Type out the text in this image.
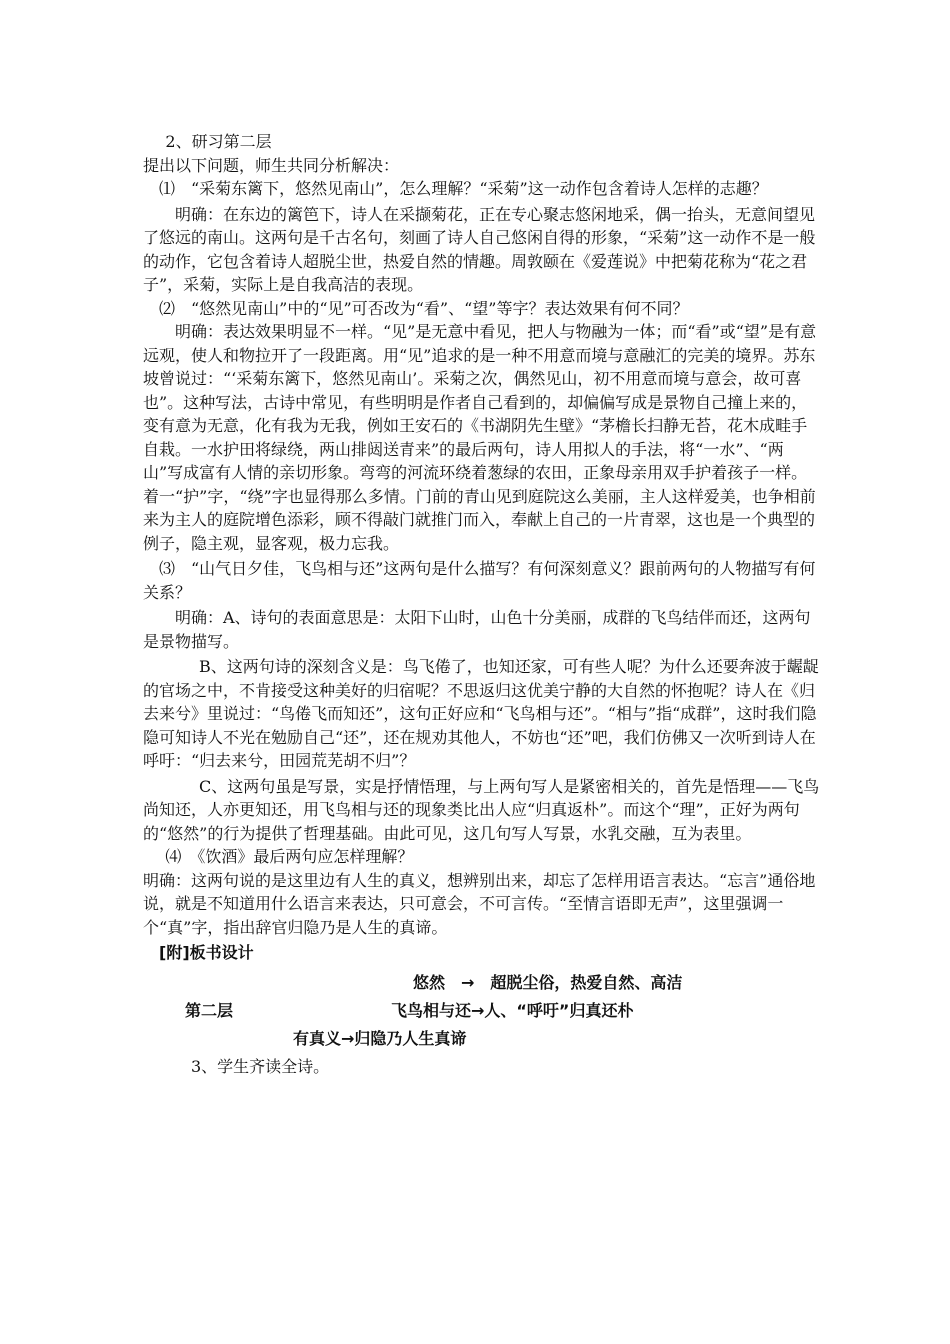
2、研习第二层

提出以下问题，师生共同分析解决：

⑴　“采菊东篱下，悠然见南山”，怎么理解？“采菊”这一动作包含着诗人怎样的志趣？

明确：在东边的篱笆下，诗人在采撷菊花，正在专心聚志悠闲地采，偶一抬头，无意间望见了悠远的南山。这两句是千古名句，刻画了诗人自己悠闲自得的形象，“采菊”这一动作不是一般的动作，它包含着诗人超脱尘世，热爱自然的情趣。周敦颐在《爱莲说》中把菊花称为“花之君子”，采菊，实际上是自我高洁的表现。

⑵　“悠然见南山”中的“见”可否改为“看”、“望”等字？表达效果有何不同？

明确：表达效果明显不一样。“见”是无意中看见，把人与物融为一体；而“看”或“望”是有意远观，使人和物拉开了一段距离。用“见”追求的是一种不用意而境与意融汇的完美的境界。苏东坡曾说过：“‘采菊东篱下，悠然见南山’。采菊之次，偶然见山，初不用意而境与意会，故可喜也”。这种写法，古诗中常见，有些明明是作者自己看到的，却偏偏写成是景物自己撞上来的，变有意为无意，化有我为无我，例如王安石的《书湖阴先生壁》“茅檐长扫静无苔，花木成畦手自栽。一水护田将绿绕，两山排闼送青来”的最后两句，诗人用拟人的手法，将“一水”、“两山”写成富有人情的亲切形象。弯弯的河流环绕着葱绿的农田，正象母亲用双手护着孩子一样。着一“护”字，“绕”字也显得那么多情。门前的青山见到庭院这么美丽，主人这样爱美，也争相前来为主人的庭院增色添彩，顾不得敲门就推门而入，奉献上自己的一片青翠，这也是一个典型的例子，隐主观，显客观，极力忘我。

⑶　“山气日夕佳，飞鸟相与还”这两句是什么描写？有何深刻意义？跟前两句的人物描写有何关系？

明确：A、诗句的表面意思是：太阳下山时，山色十分美丽，成群的飞鸟结伴而还，这两句是景物描写。

B、这两句诗的深刻含义是：鸟飞倦了，也知还家，可有些人呢？为什么还要奔波于龌龊的官场之中，不肯接受这种美好的归宿呢？不思返归这优美宁静的大自然的怀抱呢？诗人在《归去来兮》里说过：“鸟倦飞而知还”，这句正好应和“飞鸟相与还”。“相与”指“成群”，这时我们隐隐可知诗人不光在勉励自己“还”，还在规劝其他人，不妨也“还”吧，我们仿佛又一次听到诗人在呼吁：“归去来兮，田园荒芜胡不归”？

C、这两句虽是写景，实是抒情悟理，与上两句写人是紧密相关的，首先是悟理——飞鸟尚知还，人亦更知还，用飞鸟相与还的现象类比出人应“归真返朴”。而这个“理”，正好为两句的“悠然”的行为提供了哲理基础。由此可见，这几句写人写景，水乳交融，互为表里。

⑷　《饮酒》最后两句应怎样理解？

明确：这两句说的是这里边有人生的真义，想辨别出来，却忘了怎样用语言表达。“忘言”通俗地说，就是不知道用什么语言来表达，只可意会，不可言传。“至情言语即无声”，这里强调一个“真”字，指出辞官归隐乃是人生的真谛。

[附]板书设计

悠然　→　超脱尘俗，热爱自然、高洁
第二层	飞鸟相与还→人、“呼吁”归真还朴
有真义→归隐乃人生真谛
3、学生齐读全诗。
